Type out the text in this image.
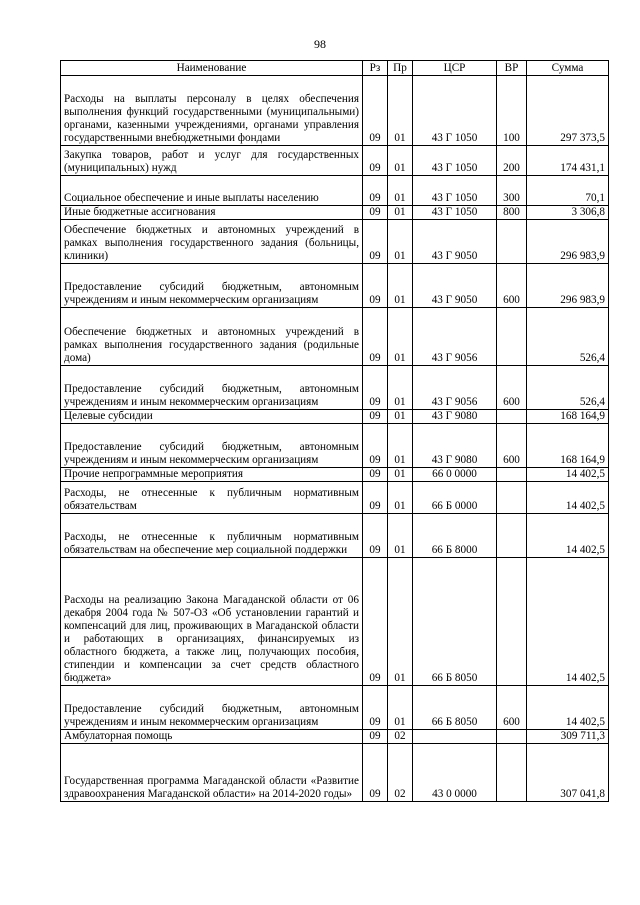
98
Наименование	Рз	Пр	ЦСР	ВР	Сумма
Расходы на выплаты персоналу в целях обеспечения выполнения функций государственными (муниципальными) органами, казенными учреждениями, органами управления государственными внебюджетными фондами	09	01	43 Г 1050	100	297 373,5
Закупка товаров, работ и услуг для государственных (муниципальных) нужд	09	01	43 Г 1050	200	174 431,1
Социальное обеспечение и иные выплаты населению	09	01	43 Г 1050	300	70,1
Иные бюджетные ассигнования	09	01	43 Г 1050	800	3 306,8
Обеспечение бюджетных и автономных учреждений в рамках выполнения государственного задания (больницы, клиники)	09	01	43 Г 9050		296 983,9
Предоставление субсидий бюджетным, автономным учреждениям и иным некоммерческим организациям	09	01	43 Г 9050	600	296 983,9
Обеспечение бюджетных и автономных учреждений в рамках выполнения государственного задания (родильные дома)	09	01	43 Г 9056		526,4
Предоставление субсидий бюджетным, автономным учреждениям и иным некоммерческим организациям	09	01	43 Г 9056	600	526,4
Целевые субсидии	09	01	43 Г 9080		168 164,9
Предоставление субсидий бюджетным, автономным учреждениям и иным некоммерческим организациям	09	01	43 Г 9080	600	168 164,9
Прочие непрограммные мероприятия	09	01	66 0 0000		14 402,5
Расходы, не отнесенные к публичным нормативным обязательствам	09	01	66 Б 0000		14 402,5
Расходы, не отнесенные к публичным нормативным обязательствам на обеспечение мер социальной поддержки	09	01	66 Б 8000		14 402,5
Расходы на реализацию Закона Магаданской области от 06 декабря 2004 года № 507-ОЗ «Об установлении гарантий и компенсаций для лиц, проживающих в Магаданской области и работающих в организациях, финансируемых из областного бюджета, а также лиц, получающих пособия, стипендии и компенсации за счет средств областного бюджета»	09	01	66 Б 8050		14 402,5
Предоставление субсидий бюджетным, автономным учреждениям и иным некоммерческим организациям	09	01	66 Б 8050	600	14 402,5
Амбулаторная помощь	09	02			309 711,3
Государственная программа Магаданской области «Развитие здравоохранения Магаданской области» на 2014-2020 годы»	09	02	43 0 0000		307 041,8
